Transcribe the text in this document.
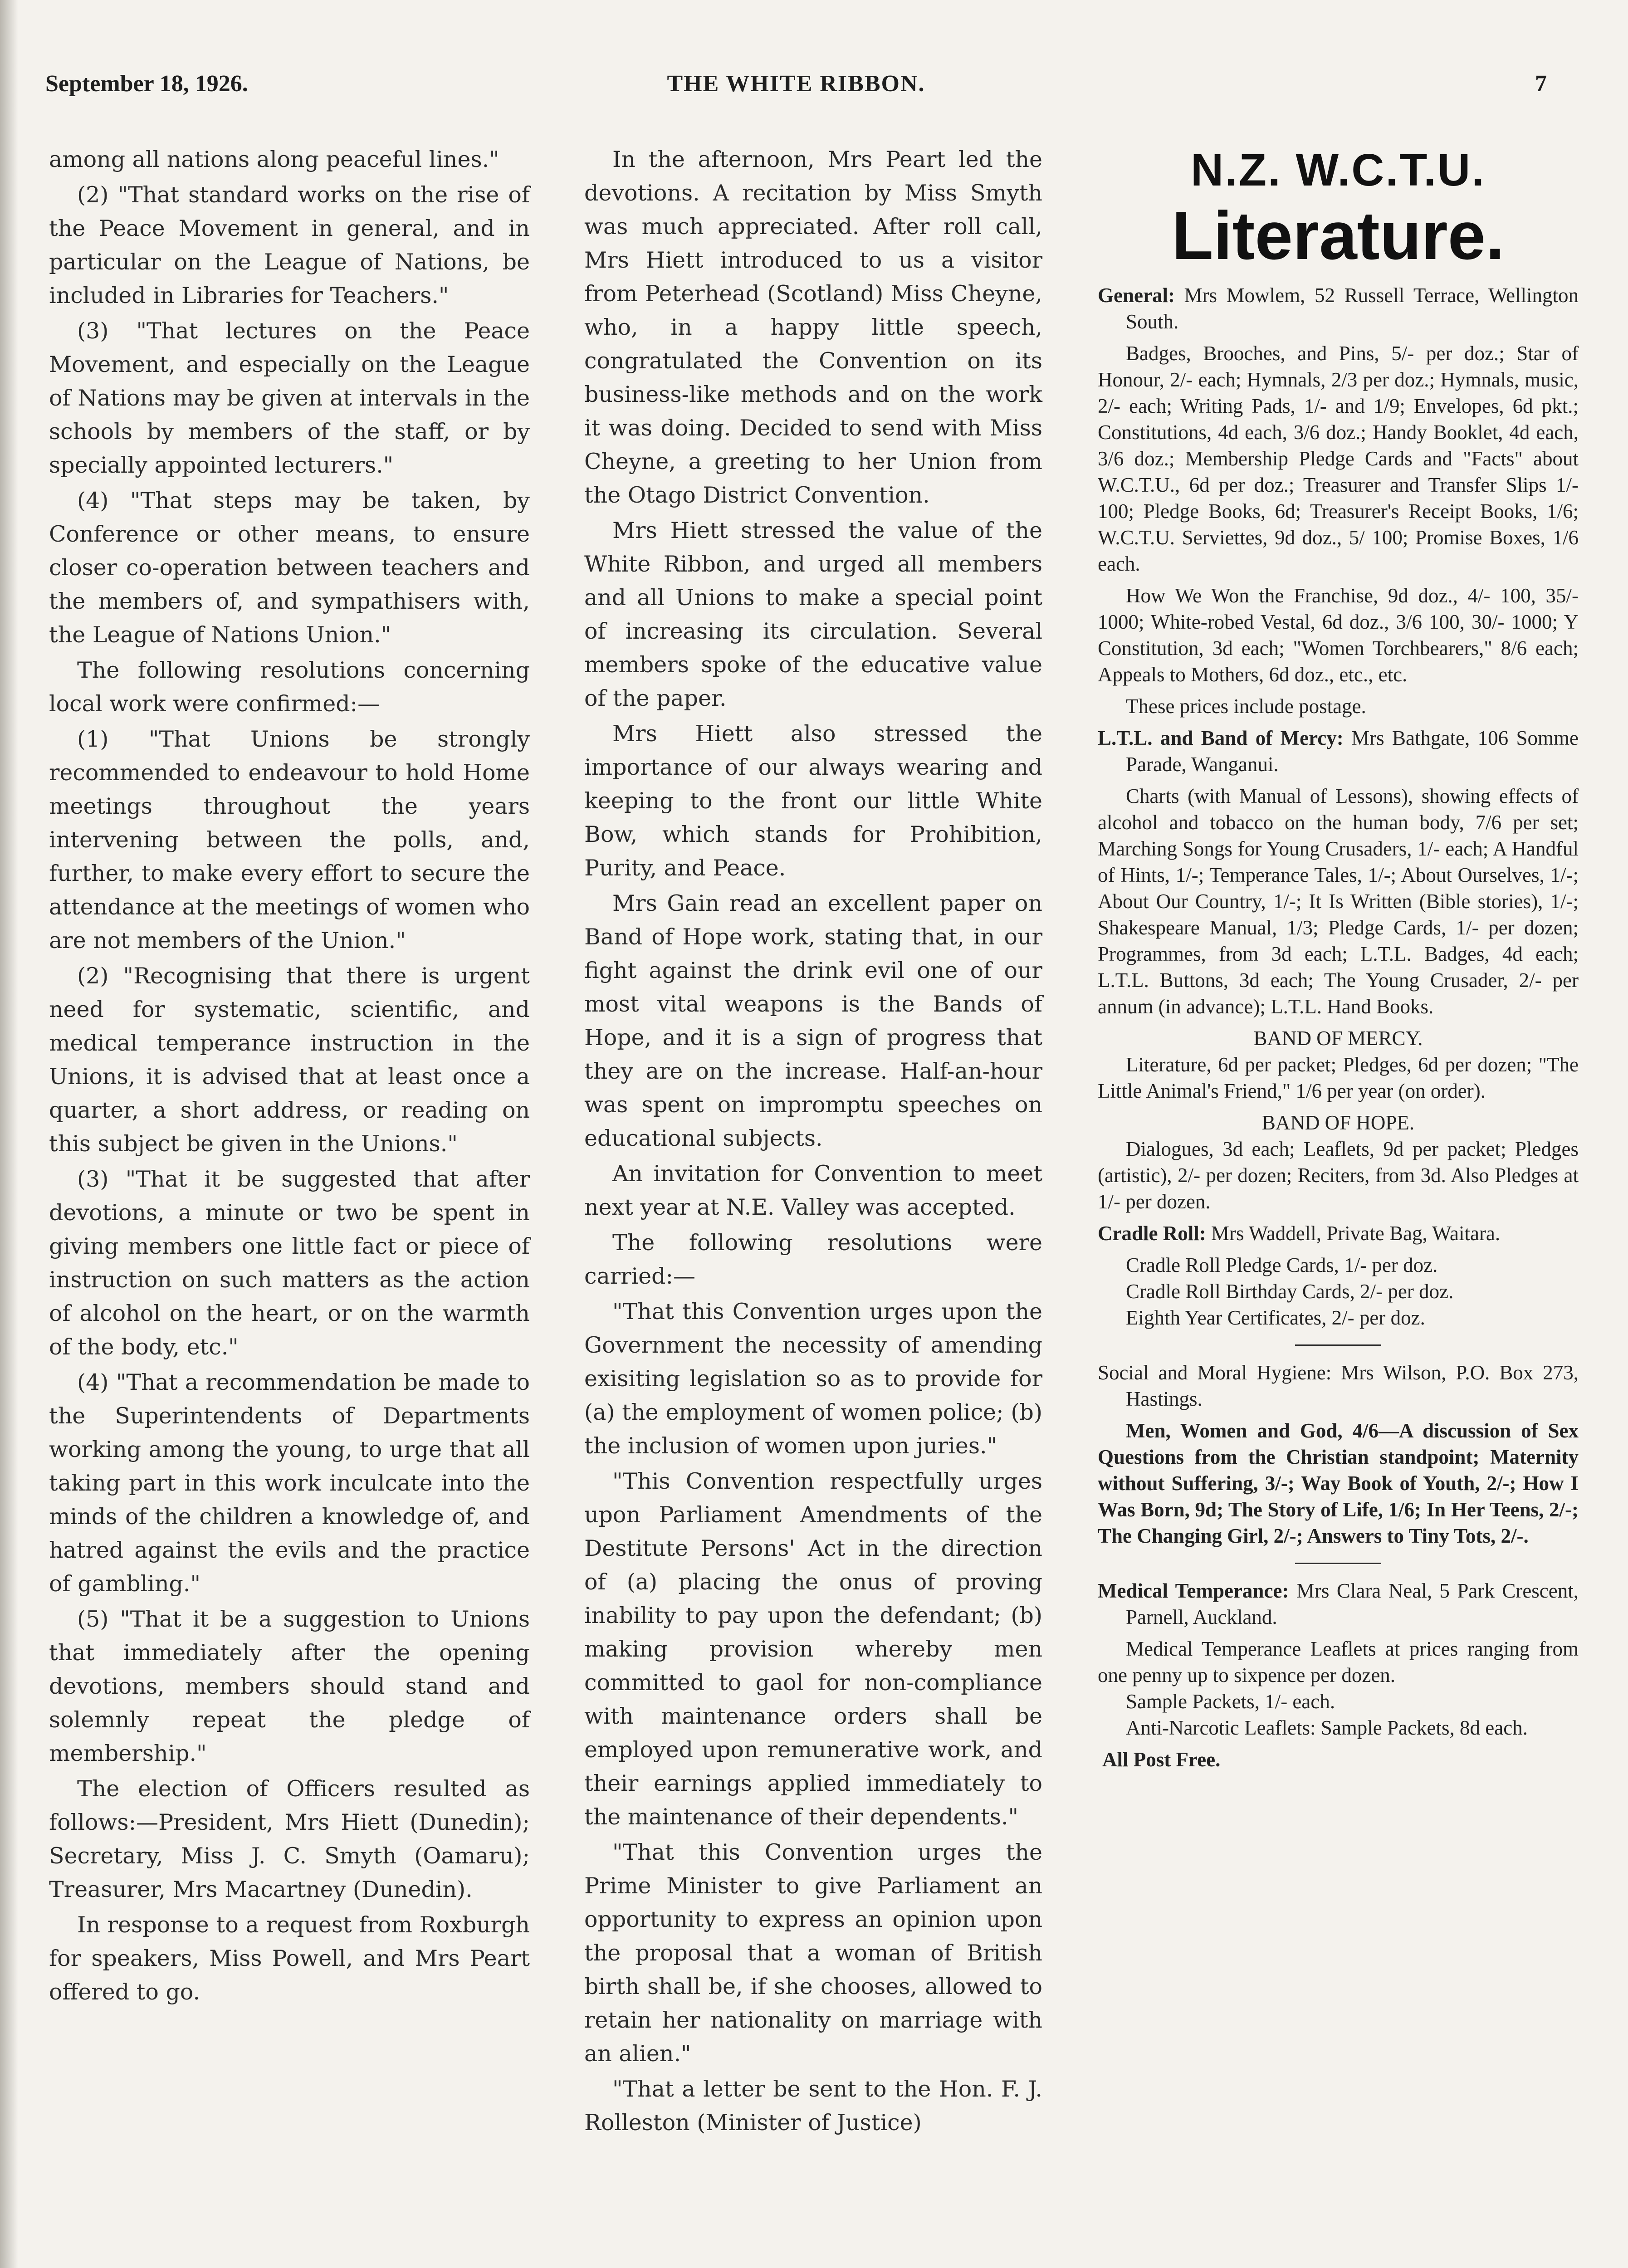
September 18, 1926.	THE WHITE RIBBON.	7

among all nations along peaceful lines."

(2) "That standard works on the rise of the Peace Movement in general, and in particular on the League of Nations, be included in Libraries for Teachers."

(3) "That lectures on the Peace Movement, and especially on the League of Nations may be given at intervals in the schools by members of the staff, or by specially appointed lecturers."

(4) "That steps may be taken, by Conference or other means, to ensure closer co-operation between teachers and the members of, and sympathisers with, the League of Nations Union."

The following resolutions concerning local work were confirmed:—

(1) "That Unions be strongly recommended to endeavour to hold Home meetings throughout the years intervening between the polls, and, further, to make every effort to secure the attendance at the meetings of women who are not members of the Union."

(2) "Recognising that there is urgent need for systematic, scientific, and medical temperance instruction in the Unions, it is advised that at least once a quarter, a short address, or reading on this subject be given in the Unions."

(3) "That it be suggested that after devotions, a minute or two be spent in giving members one little fact or piece of instruction on such matters as the action of alcohol on the heart, or on the warmth of the body, etc."

(4) "That a recommendation be made to the Superintendents of Departments working among the young, to urge that all taking part in this work inculcate into the minds of the children a knowledge of, and hatred against the evils and the practice of gambling."

(5) "That it be a suggestion to Unions that immediately after the opening devotions, members should stand and solemnly repeat the pledge of membership."

The election of Officers resulted as follows:—President, Mrs Hiett (Dunedin); Secretary, Miss J. C. Smyth (Oamaru); Treasurer, Mrs Macartney (Dunedin).

In response to a request from Roxburgh for speakers, Miss Powell, and Mrs Peart offered to go.

In the afternoon, Mrs Peart led the devotions. A recitation by Miss Smyth was much appreciated. After roll call, Mrs Hiett introduced to us a visitor from Peterhead (Scotland) Miss Cheyne, who, in a happy little speech, congratulated the Convention on its business-like methods and on the work it was doing. Decided to send with Miss Cheyne, a greeting to her Union from the Otago District Convention.

Mrs Hiett stressed the value of the White Ribbon, and urged all members and all Unions to make a special point of increasing its circulation. Several members spoke of the educative value of the paper.

Mrs Hiett also stressed the importance of our always wearing and keeping to the front our little White Bow, which stands for Prohibition, Purity, and Peace.

Mrs Gain read an excellent paper on Band of Hope work, stating that, in our fight against the drink evil one of our most vital weapons is the Bands of Hope, and it is a sign of progress that they are on the increase. Half-an-hour was spent on impromptu speeches on educational subjects.

An invitation for Convention to meet next year at N.E. Valley was accepted.

The following resolutions were carried:—

"That this Convention urges upon the Government the necessity of amending exisiting legislation so as to provide for (a) the employment of women police; (b) the inclusion of women upon juries."

"This Convention respectfully urges upon Parliament Amendments of the Destitute Persons' Act in the direction of (a) placing the onus of proving inability to pay upon the defendant; (b) making provision whereby men committed to gaol for non-compliance with maintenance orders shall be employed upon remunerative work, and their earnings applied immediately to the maintenance of their dependents."

"That this Convention urges the Prime Minister to give Parliament an opportunity to express an opinion upon the proposal that a woman of British birth shall be, if she chooses, allowed to retain her nationality on marriage with an alien."

"That a letter be sent to the Hon. F. J. Rolleston (Minister of Justice)

N.Z. W.C.T.U.
Literature.

General: Mrs Mowlem, 52 Russell Terrace, Wellington South.

Badges, Brooches, and Pins, 5/- per doz.; Star of Honour, 2/- each; Hymnals, 2/3 per doz.; Hymnals, music, 2/- each; Writing Pads, 1/- and 1/9; Envelopes, 6d pkt.; Constitutions, 4d each, 3/6 doz.; Handy Booklet, 4d each, 3/6 doz.; Membership Pledge Cards and "Facts" about W.C.T.U., 6d per doz.; Treasurer and Transfer Slips 1/- 100; Pledge Books, 6d; Treasurer's Receipt Books, 1/6; W.C.T.U. Serviettes, 9d doz., 5/ 100; Promise Boxes, 1/6 each.

How We Won the Franchise, 9d doz., 4/- 100, 35/- 1000; White-robed Vestal, 6d doz., 3/6 100, 30/- 1000; Y Constitution, 3d each; "Women Torchbearers," 8/6 each; Appeals to Mothers, 6d doz., etc., etc.

These prices include postage.

L.T.L. and Band of Mercy: Mrs Bathgate, 106 Somme Parade, Wanganui.

Charts (with Manual of Lessons), showing effects of alcohol and tobacco on the human body, 7/6 per set; Marching Songs for Young Crusaders, 1/- each; A Handful of Hints, 1/-; Temperance Tales, 1/-; About Ourselves, 1/-; About Our Country, 1/-; It Is Written (Bible stories), 1/-; Shakespeare Manual, 1/3; Pledge Cards, 1/- per dozen; Programmes, from 3d each; L.T.L. Badges, 4d each; L.T.L. Buttons, 3d each; The Young Crusader, 2/- per annum (in advance); L.T.L. Hand Books.

BAND OF MERCY.

Literature, 6d per packet; Pledges, 6d per dozen; "The Little Animal's Friend," 1/6 per year (on order).

BAND OF HOPE.

Dialogues, 3d each; Leaflets, 9d per packet; Pledges (artistic), 2/- per dozen; Reciters, from 3d. Also Pledges at 1/- per dozen.

Cradle Roll: Mrs Waddell, Private Bag, Waitara.

Cradle Roll Pledge Cards, 1/- per doz.

Cradle Roll Birthday Cards, 2/- per doz.

Eighth Year Certificates, 2/- per doz.

Social and Moral Hygiene: Mrs Wilson, P.O. Box 273, Hastings.

Men, Women and God, 4/6—A discussion of Sex Questions from the Christian standpoint; Maternity without Suffering, 3/-; Way Book of Youth, 2/-; How I Was Born, 9d; The Story of Life, 1/6; In Her Teens, 2/-; The Changing Girl, 2/-; Answers to Tiny Tots, 2/-.

Medical Temperance: Mrs Clara Neal, 5 Park Crescent, Parnell, Auckland.

Medical Temperance Leaflets at prices ranging from one penny up to sixpence per dozen.

Sample Packets, 1/- each.

Anti-Narcotic Leaflets: Sample Packets, 8d each.

All Post Free.
